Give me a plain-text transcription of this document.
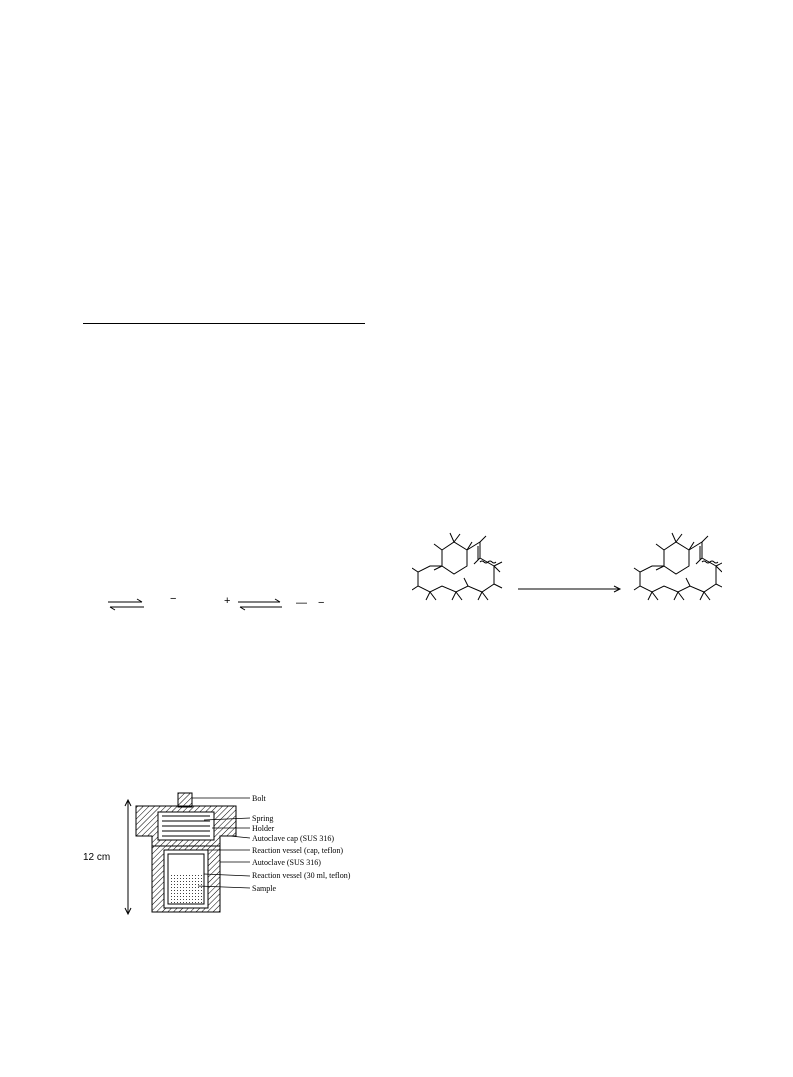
⇌ −	+ ⇌ — −
12 cm
Bolt
Spring
Holder
Autoclave cap (SUS 316)
Reaction vessel (cap, teflon)
Autoclave (SUS 316)
Reaction vessel (30 ml, teflon)
Sample
